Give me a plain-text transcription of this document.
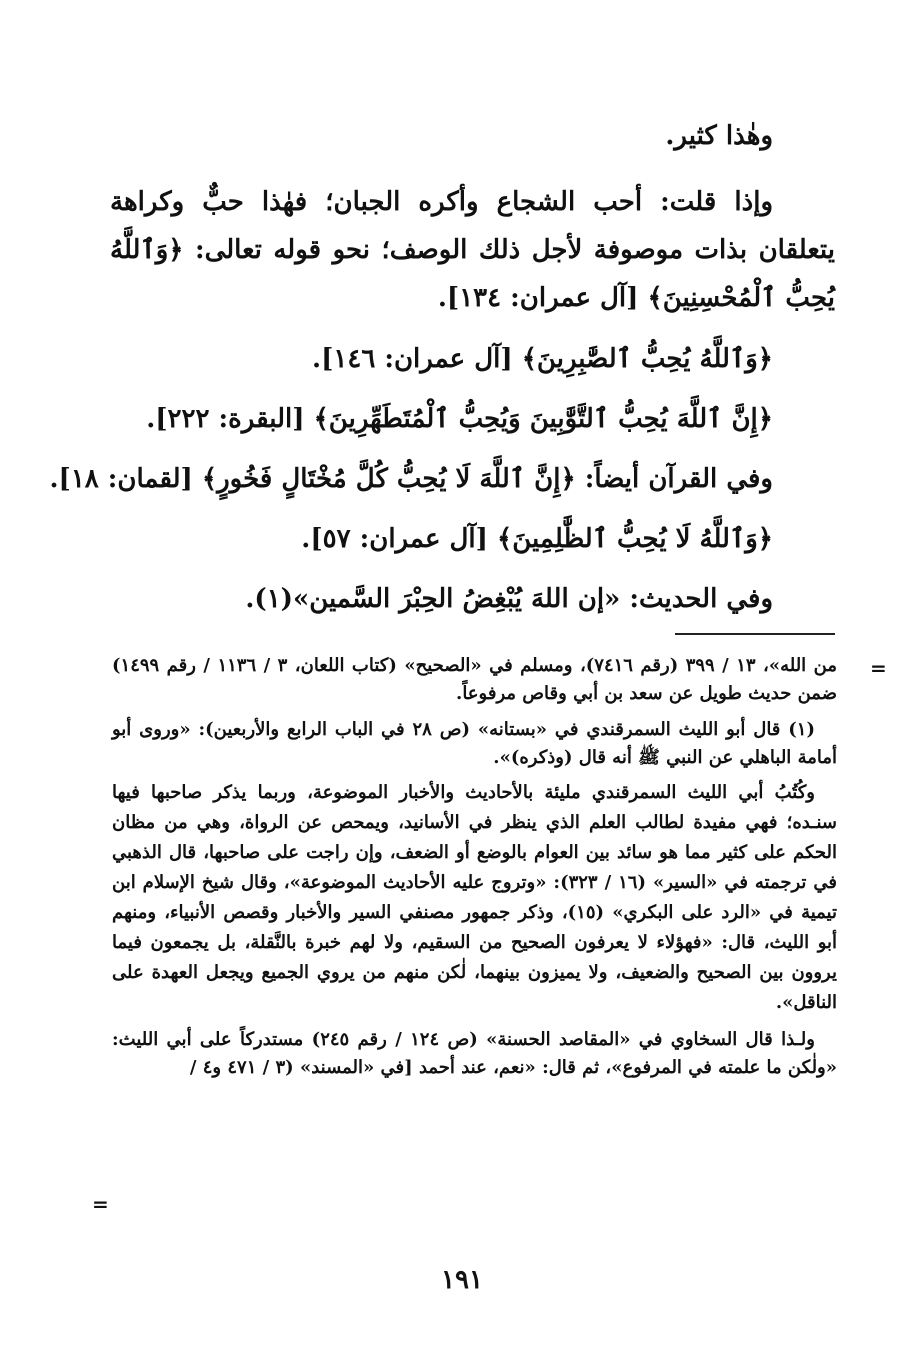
وهٰذا كثير.
وإذا قلت: أحب الشجاع وأكره الجبان؛ فهٰذا حبٌّ وكراهة يتعلقان بذات موصوفة لأجل ذلك الوصف؛ نحو قوله تعالى: ﴿وَٱللَّهُ يُحِبُّ ٱلْمُحْسِنِينَ﴾ [آل عمران: ١٣٤].
﴿وَٱللَّهُ يُحِبُّ ٱلصَّٰبِرِينَ﴾ [آل عمران: ١٤٦].
﴿إِنَّ ٱللَّهَ يُحِبُّ ٱلتَّوَّٰبِينَ وَيُحِبُّ ٱلْمُتَطَهِّرِينَ﴾ [البقرة: ٢٢٢].
وفي القرآن أيضاً: ﴿إِنَّ ٱللَّهَ لَا يُحِبُّ كُلَّ مُخْتَالٍ فَخُورٍ﴾ [لقمان: ١٨].
﴿وَٱللَّهُ لَا يُحِبُّ ٱلظَّٰلِمِينَ﴾ [آل عمران: ٥٧].
وفي الحديث: «إن اللهَ يُبْغِضُ الحِبْرَ السَّمين»(١).
=

من الله»، ١٣ / ٣٩٩ (رقم ٧٤١٦)، ومسلم في «الصحيح» (كتاب اللعان، ٣ / ١١٣٦ / رقم ١٤٩٩) ضمن حديث طويل عن سعد بن أبي وقاص مرفوعاً.

(١) قال أبو الليث السمرقندي في «بستانه» (ص ٢٨ في الباب الرابع والأربعين): «وروى أبو أمامة الباهلي عن النبي ﷺ أنه قال (وذكره)».

وكُتُبُ أبي الليث السمرقندي مليئة بالأحاديث والأخبار الموضوعة، وربما يذكر صاحبها فيها سنـده؛ فهي مفيدة لطالب العلم الذي ينظر في الأسانيد، ويمحص عن الرواة، وهي من مظان الحكم على كثير مما هو سائد بين العوام بالوضع أو الضعف، وإن راجت على صاحبها، قال الذهبي في ترجمته في «السير» (١٦ / ٣٢٣): «وتروج عليه الأحاديث الموضوعة»، وقال شيخ الإسلام ابن تيمية في «الرد على البكري» (١٥)، وذكر جمهور مصنفي السير والأخبار وقصص الأنبياء، ومنهم أبو الليث، قال: «فهؤلاء لا يعرفون الصحيح من السقيم، ولا لهم خبرة بالنَّقلة، بل يجمعون فيما يروون بين الصحيح والضعيف، ولا يميزون بينهما، لٰكن منهم من يروي الجميع ويجعل العهدة على الناقل».

ولـذا قال السخاوي في «المقاصد الحسنة» (ص ١٢٤ / رقم ٢٤٥) مستدركاً على أبي الليث: «ولٰكن ما علمته في المرفوع»، ثم قال: «نعم، عند أحمد [في «المسند» (٣ / ٤٧١ و٤ /

=
١٩١
